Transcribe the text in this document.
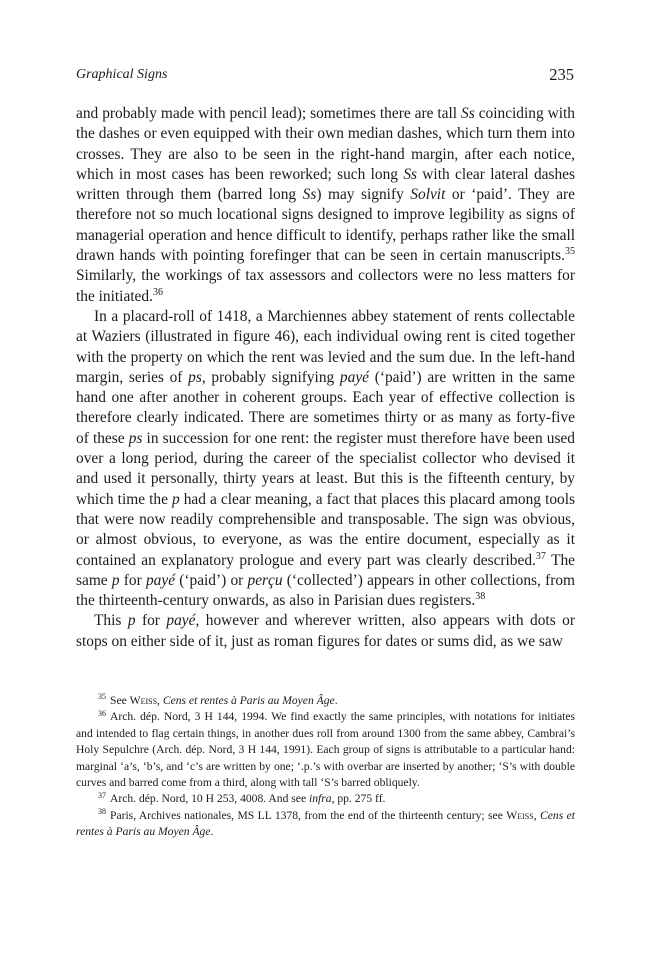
Graphical Signs	235

and probably made with pencil lead); sometimes there are tall Ss coinciding with the dashes or even equipped with their own median dashes, which turn them into crosses. They are also to be seen in the right-hand margin, after each notice, which in most cases has been reworked; such long Ss with clear lateral dashes written through them (barred long Ss) may signify Solvit or ‘paid’. They are therefore not so much locational signs designed to improve legibility as signs of managerial operation and hence difficult to identify, perhaps rather like the small drawn hands with pointing forefinger that can be seen in certain manuscripts.$^{35}$ Similarly, the workings of tax assessors and collectors were no less matters for the initiated.$^{36}$

In a placard-roll of 1418, a Marchiennes abbey statement of rents collectable at Waziers (illustrated in figure 46), each individual owing rent is cited together with the property on which the rent was levied and the sum due. In the left-hand margin, series of ps, probably signifying payé (‘paid’) are written in the same hand one after another in coherent groups. Each year of effective collection is therefore clearly indicated. There are sometimes thirty or as many as forty-five of these ps in succession for one rent: the register must therefore have been used over a long period, during the career of the specialist collector who devised it and used it personally, thirty years at least. But this is the fifteenth century, by which time the p had a clear meaning, a fact that places this placard among tools that were now readily comprehensible and transposable. The sign was obvious, or almost obvious, to everyone, as was the entire document, especially as it contained an explanatory prologue and every part was clearly described.$^{37}$ The same p for payé (‘paid’) or perçu (‘collected’) appears in other collections, from the thirteenth-century onwards, as also in Parisian dues registers.$^{38}$

This p for payé, however and wherever written, also appears with dots or stops on either side of it, just as roman figures for dates or sums did, as we saw

$^{35}$ See Weiss, Cens et rentes à Paris au Moyen Âge.

$^{36}$ Arch. dép. Nord, 3 H 144, 1994. We find exactly the same principles, with notations for initiates and intended to flag certain things, in another dues roll from around 1300 from the same abbey, Cambrai’s Holy Sepulchre (Arch. dép. Nord, 3 H 144, 1991). Each group of signs is attributable to a particular hand: marginal ‘a’s, ‘b’s, and ‘c’s are written by one; ‘.p.’s with overbar are inserted by another; ‘S’s with double curves and barred come from a third, along with tall ‘S’s barred obliquely.

$^{37}$ Arch. dép. Nord, 10 H 253, 4008. And see infra, pp. 275 ff.

$^{38}$ Paris, Archives nationales, MS LL 1378, from the end of the thirteenth century; see Weiss, Cens et rentes à Paris au Moyen Âge.
